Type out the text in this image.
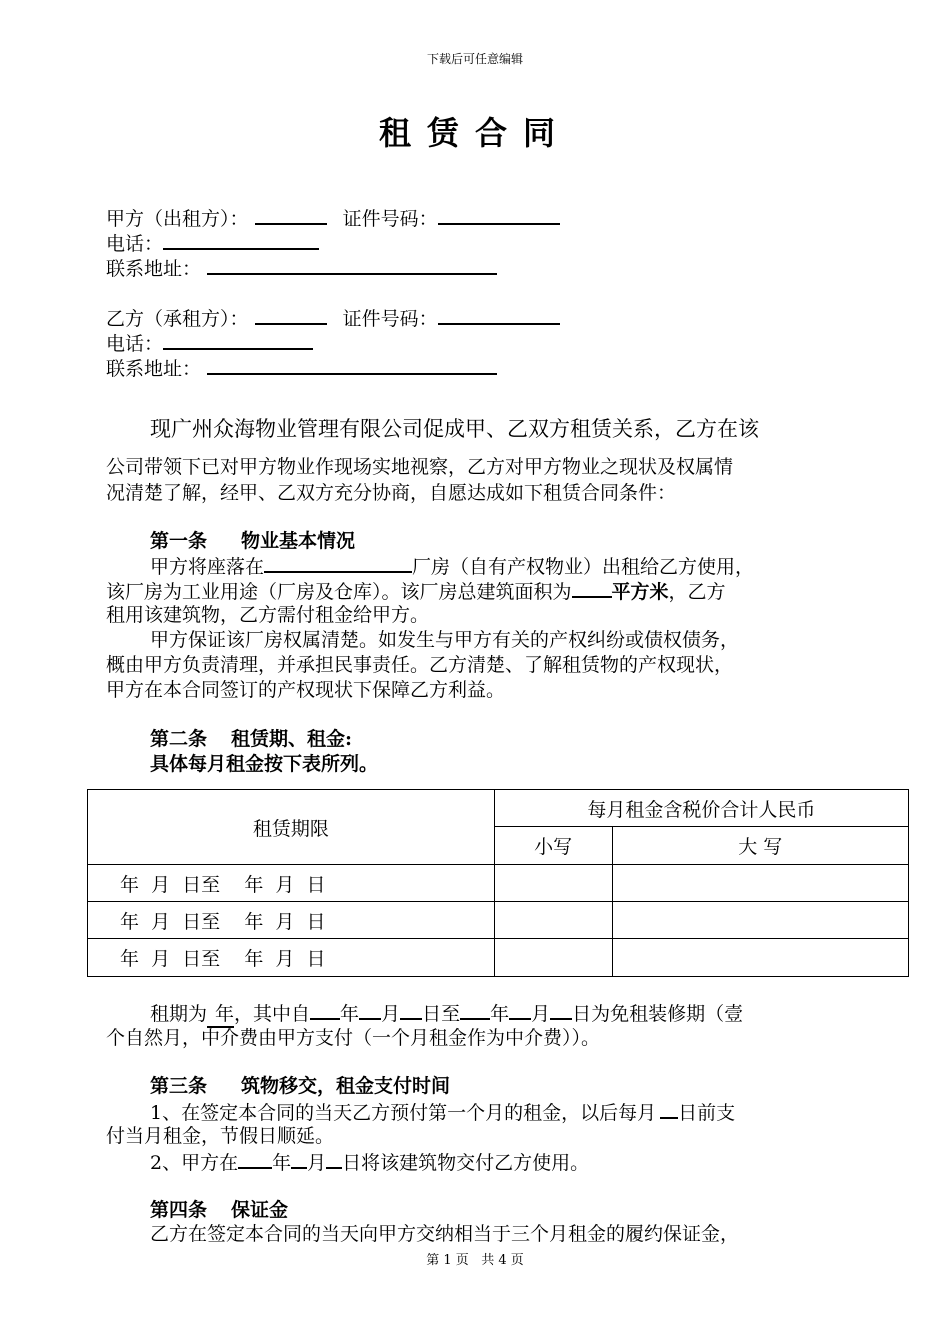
下载后可任意编辑
租赁合同
甲方（出租方）：	证件号码：
电话：
联系地址：
乙方（承租方）：	证件号码：
电话：
联系地址：
现广州众海物业管理有限公司促成甲、乙双方租赁关系，乙方在该
公司带领下已对甲方物业作现场实地视察，乙方对甲方物业之现状及权属情
况清楚了解，经甲、乙双方充分协商，自愿达成如下租赁合同条件：
第一条 物业基本情况
甲方将座落在	厂房（自有产权物业）出租给乙方使用，
该厂房为工业用途（厂房及仓库）。该厂房总建筑面积为 平方米，乙方
租用该建筑物，乙方需付租金给甲方。
甲方保证该厂房权属清楚。如发生与甲方有关的产权纠纷或债权债务，
概由甲方负责清理，并承担民事责任。乙方清楚、了解租赁物的产权现状，
甲方在本合同签订的产权现状下保障乙方利益。
第二条 租赁期、租金:
具体每月租金按下表所列。
租赁期限	每月租金含税价合计人民币	
	小写	大 写
年  月  日至    年  月  日		
年  月  日至    年  月  日		
年  月  日至    年  月  日		
租期为 年，其中自 年 月 日至 年 月 日为免租装修期（壹
个自然月，中介费由甲方支付（一个月租金作为中介费））。
第三条 筑物移交，租金支付时间
1、在签定本合同的当天乙方预付第一个月的租金，以后每月 日前支
付当月租金，节假日顺延。
2、甲方在 年 月 日将该建筑物交付乙方使用。
第四条 保证金
乙方在签定本合同的当天向甲方交纳相当于三个月租金的履约保证金，
第 1 页   共 4 页
